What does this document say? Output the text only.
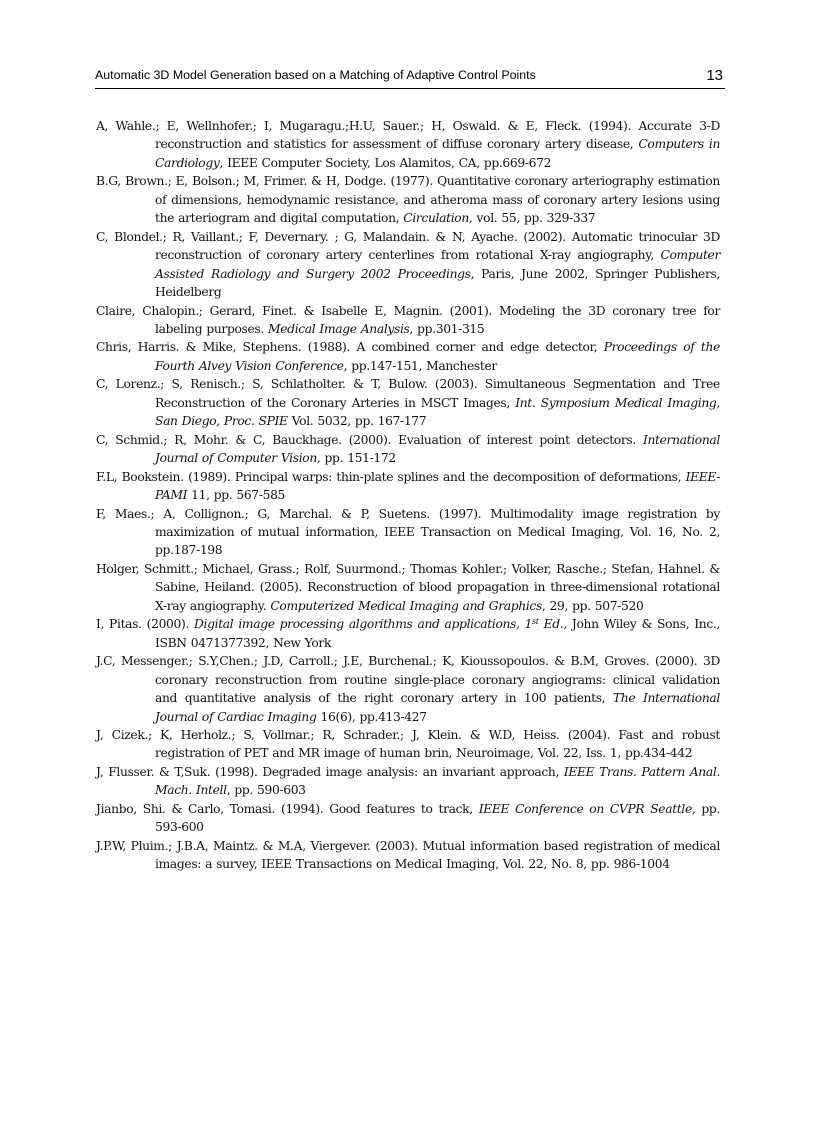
Automatic 3D Model Generation based on a Matching of Adaptive Control Points	13
A, Wahle.; E, Wellnhofer.; I, Mugaragu.;H.U, Sauer.; H, Oswald. & E, Fleck. (1994). Accurate 3-D reconstruction and statistics for assessment of diffuse coronary artery disease, Computers in Cardiology, IEEE Computer Society, Los Alamitos, CA, pp.669-672
B.G, Brown.; E, Bolson.; M, Frimer. & H, Dodge. (1977). Quantitative coronary arteriography estimation of dimensions, hemodynamic resistance, and atheroma mass of coronary artery lesions using the arteriogram and digital computation, Circulation, vol. 55, pp. 329-337
C, Blondel.; R, Vaillant.; F, Devernary. ; G, Malandain. & N, Ayache. (2002). Automatic trinocular 3D reconstruction of coronary artery centerlines from rotational X-ray angiography, Computer Assisted Radiology and Surgery 2002 Proceedings, Paris, June 2002, Springer Publishers, Heidelberg
Claire, Chalopin.; Gerard, Finet. & Isabelle E, Magnin. (2001). Modeling the 3D coronary tree for labeling purposes. Medical Image Analysis, pp.301-315
Chris, Harris. & Mike, Stephens. (1988). A combined corner and edge detector, Proceedings of the Fourth Alvey Vision Conference, pp.147-151, Manchester
C, Lorenz.; S, Renisch.; S, Schlatholter. & T, Bulow. (2003). Simultaneous Segmentation and Tree Reconstruction of the Coronary Arteries in MSCT Images, Int. Symposium Medical Imaging, San Diego, Proc. SPIE Vol. 5032, pp. 167-177
C, Schmid.; R, Mohr. & C, Bauckhage. (2000). Evaluation of interest point detectors. International Journal of Computer Vision, pp. 151-172
F.L, Bookstein. (1989). Principal warps: thin-plate splines and the decomposition of deformations, IEEE-PAMI 11, pp. 567-585
F, Maes.; A, Collignon.; G, Marchal. & P, Suetens. (1997). Multimodality image registration by maximization of mutual information, IEEE Transaction on Medical Imaging, Vol. 16, No. 2, pp.187-198
Holger, Schmitt.; Michael, Grass.; Rolf, Suurmond.; Thomas Kohler.; Volker, Rasche.; Stefan, Hahnel. & Sabine, Heiland. (2005). Reconstruction of blood propagation in three-dimensional rotational X-ray angiography. Computerized Medical Imaging and Graphics, 29, pp. 507-520
I, Pitas. (2000). Digital image processing algorithms and applications, 1st Ed., John Wiley & Sons, Inc., ISBN 0471377392, New York
J.C, Messenger.; S.Y,Chen.; J.D, Carroll.; J.E, Burchenal.; K, Kioussopoulos. & B.M, Groves. (2000). 3D coronary reconstruction from routine single-place coronary angiograms: clinical validation and quantitative analysis of the right coronary artery in 100 patients, The International Journal of Cardiac Imaging 16(6), pp.413-427
J, Cizek.; K, Herholz.; S, Vollmar.; R, Schrader.; J, Klein. & W.D, Heiss. (2004). Fast and robust registration of PET and MR image of human brin, Neuroimage, Vol. 22, Iss. 1, pp.434-442
J, Flusser. & T,Suk. (1998). Degraded image analysis: an invariant approach, IEEE Trans. Pattern Anal. Mach. Intell, pp. 590-603
Jianbo, Shi. & Carlo, Tomasi. (1994). Good features to track, IEEE Conference on CVPR Seattle, pp. 593-600
J.P.W, Pluim.; J.B.A, Maintz. & M.A, Viergever. (2003). Mutual information based registration of medical images: a survey, IEEE Transactions on Medical Imaging, Vol. 22, No. 8, pp. 986-1004
